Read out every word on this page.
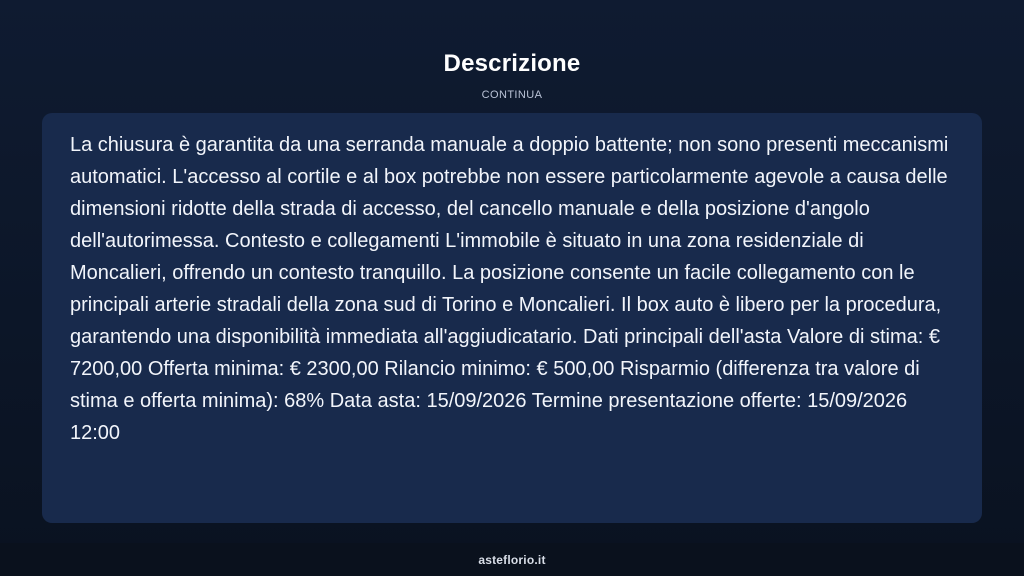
Descrizione
CONTINUA

La chiusura è garantita da una serranda manuale a doppio battente; non sono presenti meccanismi automatici. L'accesso al cortile e al box potrebbe non essere particolarmente agevole a causa delle dimensioni ridotte della strada di accesso, del cancello manuale e della posizione d'angolo dell'autorimessa. Contesto e collegamenti L'immobile è situato in una zona residenziale di Moncalieri, offrendo un contesto tranquillo. La posizione consente un facile collegamento con le principali arterie stradali della zona sud di Torino e Moncalieri. Il box auto è libero per la procedura, garantendo una disponibilità immediata all'aggiudicatario. Dati principali dell'asta Valore di stima: € 7200,00 Offerta minima: € 2300,00 Rilancio minimo: € 500,00 Risparmio (differenza tra valore di stima e offerta minima): 68% Data asta: 15/09/2026 Termine presentazione offerte: 15/09/2026 12:00

asteflorio.it
